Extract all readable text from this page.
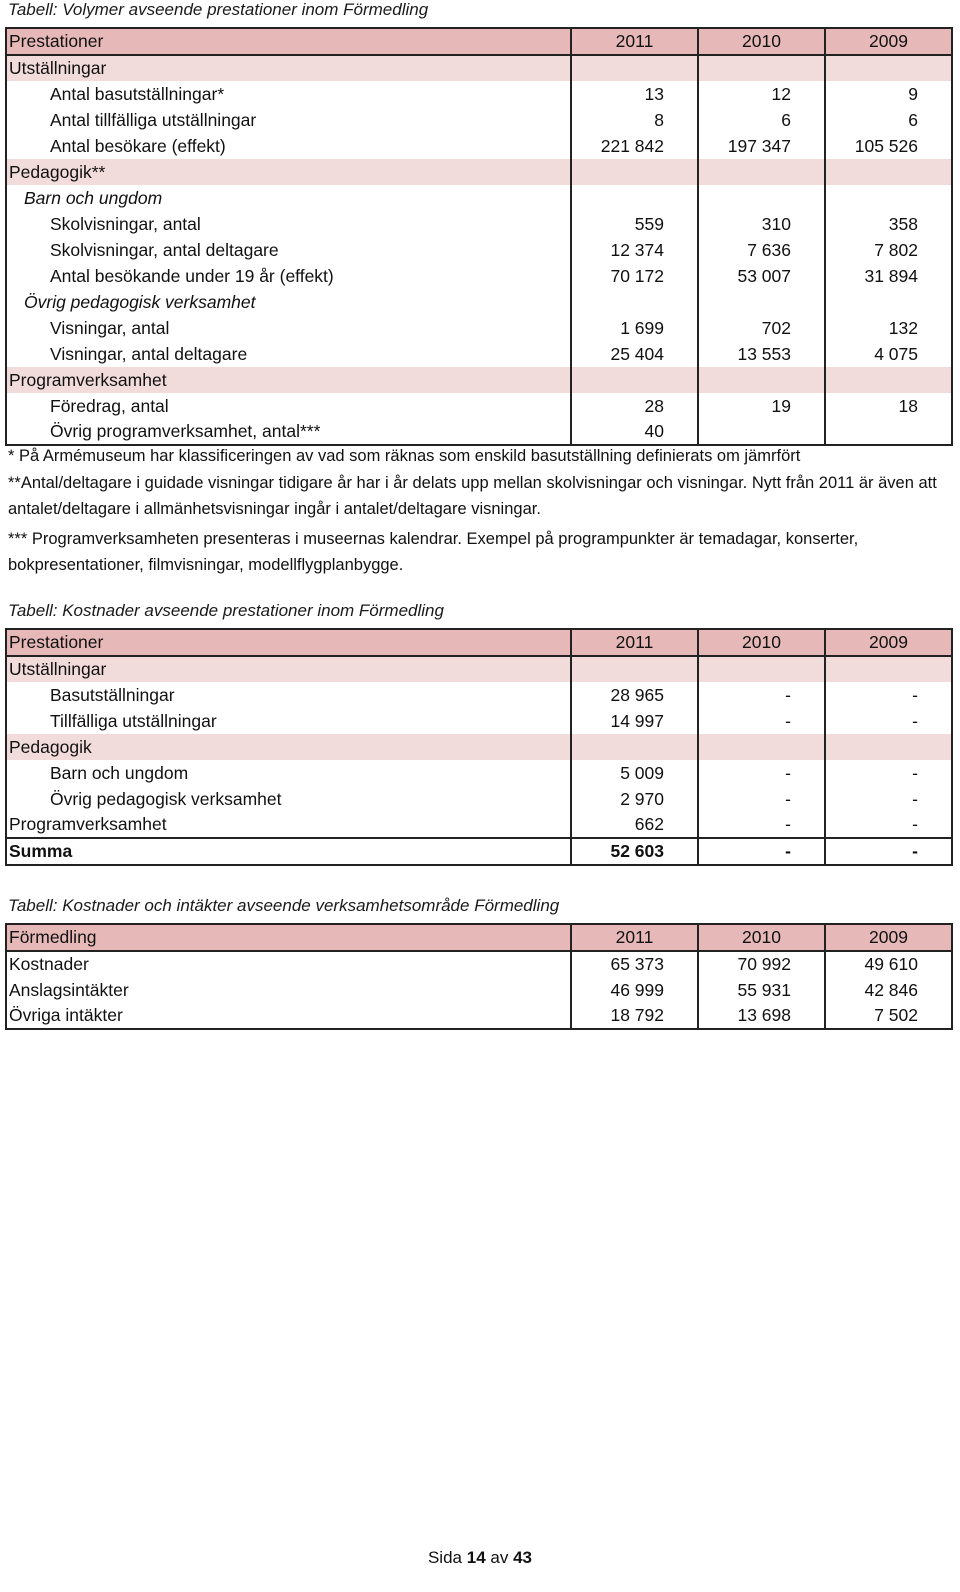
Tabell: Volymer avseende prestationer inom Förmedling
Prestationer	2011	2010	2009
Utställningar			
Antal basutställningar*	13	12	9
Antal tillfälliga utställningar	8	6	6
Antal besökare (effekt)	221 842	197 347	105 526
Pedagogik**			
Barn och ungdom			
Skolvisningar, antal	559	310	358
Skolvisningar, antal deltagare	12 374	7 636	7 802
Antal besökande under 19 år (effekt)	70 172	53 007	31 894
Övrig pedagogisk verksamhet			
Visningar, antal	1 699	702	132
Visningar, antal deltagare	25 404	13 553	4 075
Programverksamhet			
Föredrag, antal	28	19	18
Övrig programverksamhet, antal***	40		

* På Armémuseum har klassificeringen av vad som räknas som enskild basutställning definierats om jämrfört

**Antal/deltagare i guidade visningar tidigare år har i år delats upp mellan skolvisningar och visningar. Nytt från 2011 är även att antalet/deltagare i allmänhetsvisningar ingår i antalet/deltagare visningar.

*** Programverksamheten presenteras i museernas kalendrar. Exempel på programpunkter är temadagar, konserter, bokpresentationer, filmvisningar, modellflygplanbygge.

Tabell: Kostnader avseende prestationer inom Förmedling
Prestationer	2011	2010	2009
Utställningar			
Basutställningar	28 965	-	-
Tillfälliga utställningar	14 997	-	-
Pedagogik			
Barn och ungdom	5 009	-	-
Övrig pedagogisk verksamhet	2 970	-	-
Programverksamhet	662	-	-
Summa	52 603	-	-
Tabell: Kostnader och intäkter avseende verksamhetsområde Förmedling
Förmedling	2011	2010	2009
Kostnader	65 373	70 992	49 610
Anslagsintäkter	46 999	55 931	42 846
Övriga intäkter	18 792	13 698	7 502
Sida 14 av 43
